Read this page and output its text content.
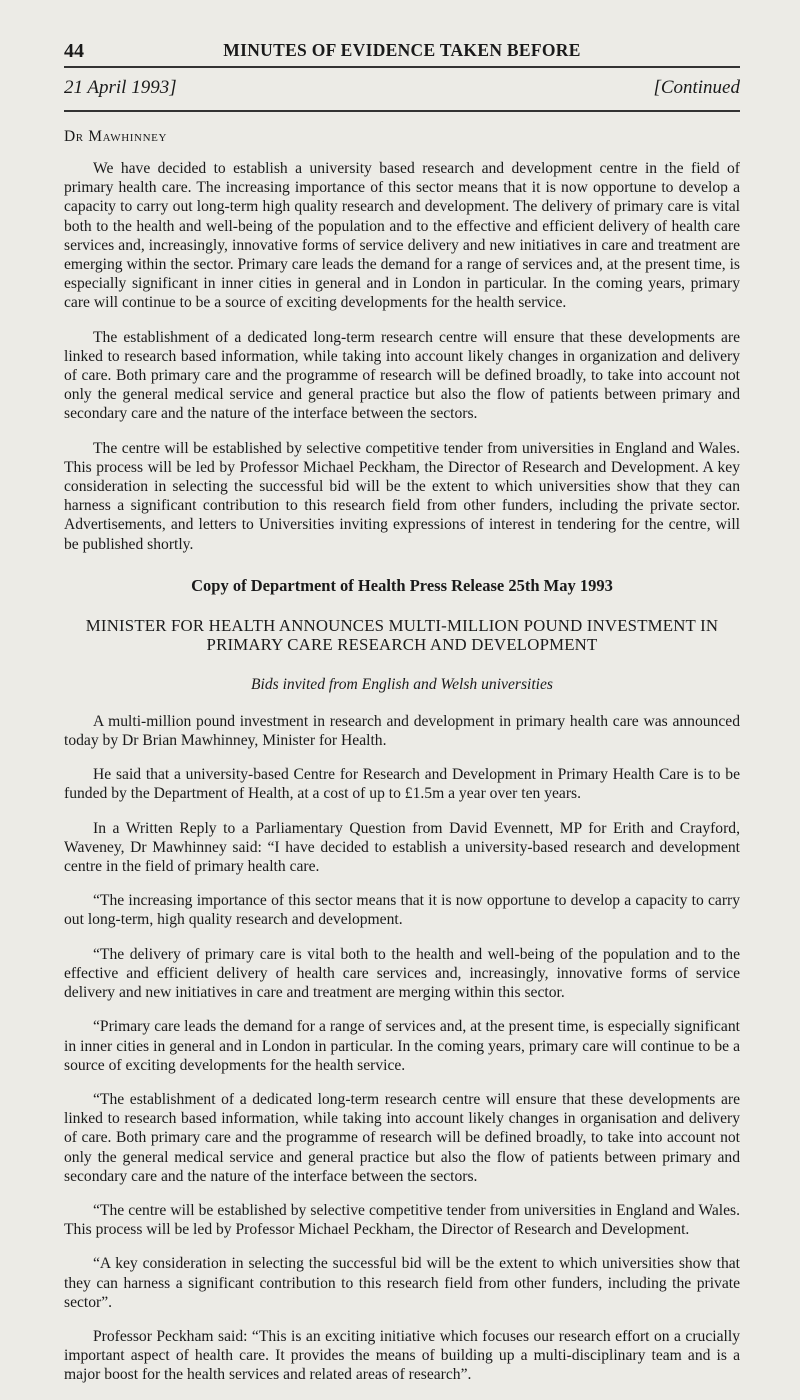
44	MINUTES OF EVIDENCE TAKEN BEFORE
21 April 1993]	[Continued
Dr Mawhinney

We have decided to establish a university based research and development centre in the field of primary health care. The increasing importance of this sector means that it is now opportune to develop a capacity to carry out long-term high quality research and development. The delivery of primary care is vital both to the health and well-being of the population and to the effective and efficient delivery of health care services and, increasingly, innovative forms of service delivery and new initiatives in care and treatment are emerging within the sector. Primary care leads the demand for a range of services and, at the present time, is especially significant in inner cities in general and in London in particular. In the coming years, primary care will continue to be a source of exciting developments for the health service.

The establishment of a dedicated long-term research centre will ensure that these developments are linked to research based information, while taking into account likely changes in organization and delivery of care. Both primary care and the programme of research will be defined broadly, to take into account not only the general medical service and general practice but also the flow of patients between primary and secondary care and the nature of the interface between the sectors.

The centre will be established by selective competitive tender from universities in England and Wales. This process will be led by Professor Michael Peckham, the Director of Research and Development. A key consideration in selecting the successful bid will be the extent to which universities show that they can harness a significant contribution to this research field from other funders, including the private sector. Advertisements, and letters to Universities inviting expressions of interest in tendering for the centre, will be published shortly.

Copy of Department of Health Press Release 25th May 1993
MINISTER FOR HEALTH ANNOUNCES MULTI-MILLION POUND INVESTMENT IN PRIMARY CARE RESEARCH AND DEVELOPMENT
Bids invited from English and Welsh universities

A multi-million pound investment in research and development in primary health care was announced today by Dr Brian Mawhinney, Minister for Health.

He said that a university-based Centre for Research and Development in Primary Health Care is to be funded by the Department of Health, at a cost of up to £1.5m a year over ten years.

In a Written Reply to a Parliamentary Question from David Evennett, MP for Erith and Crayford, Waveney, Dr Mawhinney said: “I have decided to establish a university-based research and development centre in the field of primary health care.

“The increasing importance of this sector means that it is now opportune to develop a capacity to carry out long-term, high quality research and development.

“The delivery of primary care is vital both to the health and well-being of the population and to the effective and efficient delivery of health care services and, increasingly, innovative forms of service delivery and new initiatives in care and treatment are merging within this sector.

“Primary care leads the demand for a range of services and, at the present time, is especially significant in inner cities in general and in London in particular. In the coming years, primary care will continue to be a source of exciting developments for the health service.

“The establishment of a dedicated long-term research centre will ensure that these developments are linked to research based information, while taking into account likely changes in organisation and delivery of care. Both primary care and the programme of research will be defined broadly, to take into account not only the general medical service and general practice but also the flow of patients between primary and secondary care and the nature of the interface between the sectors.

“The centre will be established by selective competitive tender from universities in England and Wales. This process will be led by Professor Michael Peckham, the Director of Research and Development.

“A key consideration in selecting the successful bid will be the extent to which universities show that they can harness a significant contribution to this research field from other funders, including the private sector”.

Professor Peckham said: “This is an exciting initiative which focuses our research effort on a crucially important aspect of health care. It provides the means of building up a multi-disciplinary team and is a major boost for the health services and related areas of research”.
